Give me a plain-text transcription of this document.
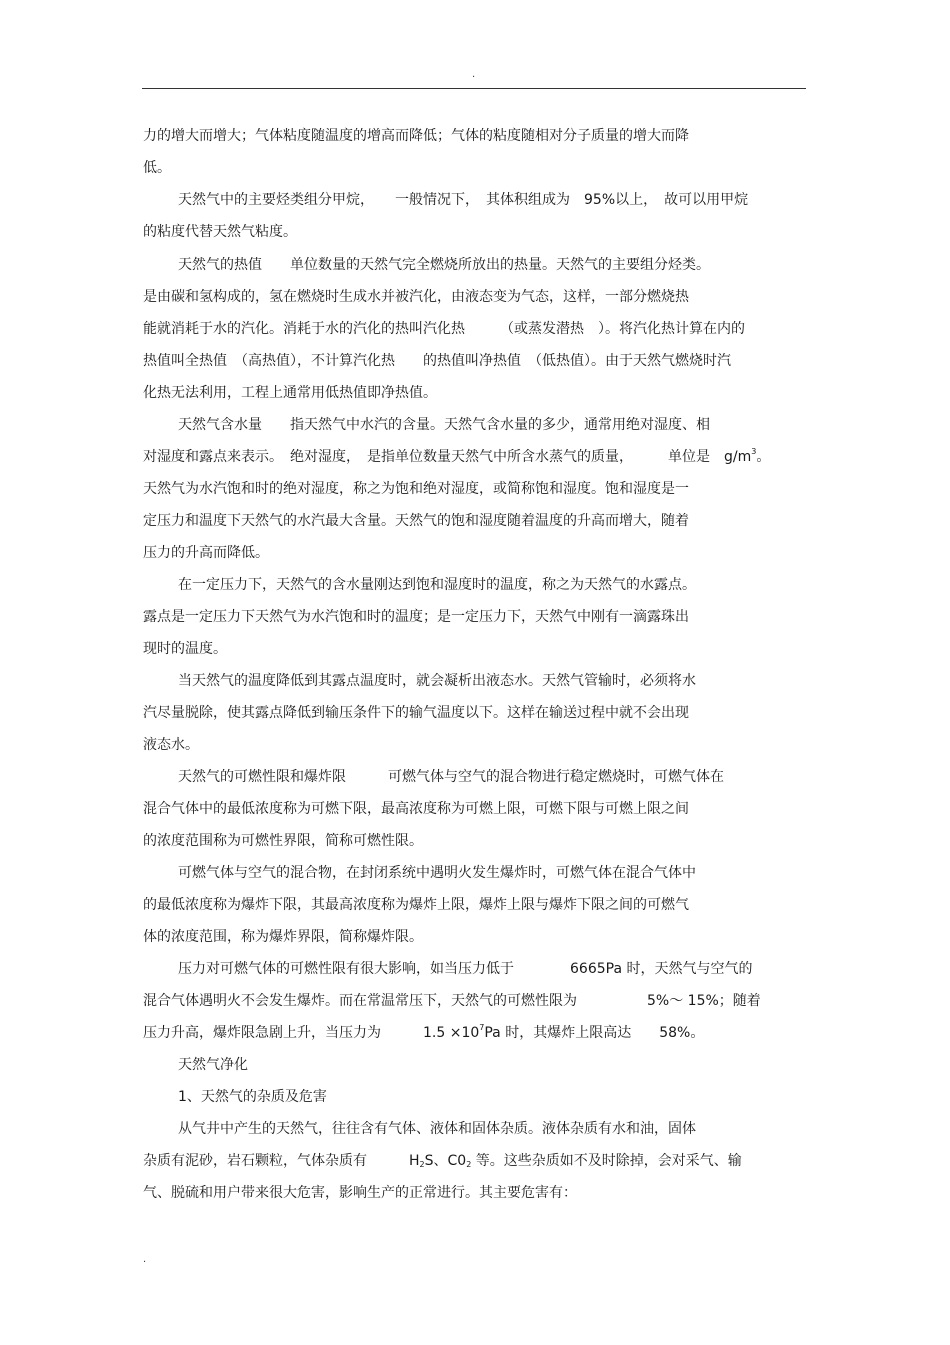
.
力的增大而增大；气体粘度随温度的增高而降低；气体的粘度随相对分子质量的增大而降
低。
天然气中的主要烃类组分甲烷，　　一般情况下，　其体积组成为　95%以上，　故可以用甲烷
的粘度代替天然气粘度。
天然气的热值　　单位数量的天然气完全燃烧所放出的热量。天然气的主要组分烃类。
是由碳和氢构成的，氢在燃烧时生成水并被汽化，由液态变为气态，这样，一部分燃烧热
能就消耗于水的汽化。消耗于水的汽化的热叫汽化热　　　（或蒸发潜热　）。将汽化热计算在内的
热值叫全热值　（高热值），不计算汽化热　　的热值叫净热值　（低热值）。由于天然气燃烧时汽
化热无法利用，工程上通常用低热值即净热值。
天然气含水量　　指天然气中水汽的含量。天然气含水量的多少，通常用绝对湿度、相
对湿度和露点来表示。　绝对湿度，　是指单位数量天然气中所含水蒸气的质量，　　　单位是　$g/m^3$。
天然气为水汽饱和时的绝对湿度，称之为饱和绝对湿度，或简称饱和湿度。饱和湿度是一
定压力和温度下天然气的水汽最大含量。天然气的饱和湿度随着温度的升高而增大，随着
压力的升高而降低。
在一定压力下，天然气的含水量刚达到饱和湿度时的温度，称之为天然气的水露点。
露点是一定压力下天然气为水汽饱和时的温度；是一定压力下，天然气中刚有一滴露珠出
现时的温度。
当天然气的温度降低到其露点温度时，就会凝析出液态水。天然气管输时，必须将水
汽尽量脱除，使其露点降低到输压条件下的输气温度以下。这样在输送过程中就不会出现
液态水。
天然气的可燃性限和爆炸限　　　可燃气体与空气的混合物进行稳定燃烧时，可燃气体在
混合气体中的最低浓度称为可燃下限，最高浓度称为可燃上限，可燃下限与可燃上限之间
的浓度范围称为可燃性界限，简称可燃性限。
可燃气体与空气的混合物，在封闭系统中遇明火发生爆炸时，可燃气体在混合气体中
的最低浓度称为爆炸下限，其最高浓度称为爆炸上限，爆炸上限与爆炸下限之间的可燃气
体的浓度范围，称为爆炸界限，简称爆炸限。
压力对可燃气体的可燃性限有很大影响，如当压力低于　　　　6665Pa 时，天然气与空气的
混合气体遇明火不会发生爆炸。而在常温常压下，天然气的可燃性限为　　　　　5%～ 15%；随着
压力升高，爆炸限急剧上升，当压力为　　　$1.5 \times 10^7Pa$ 时，其爆炸上限高达　　58%。
天然气净化
1、天然气的杂质及危害
从气井中产生的天然气，往往含有气体、液体和固体杂质。液体杂质有水和油，固体
杂质有泥砂，岩石颗粒，气体杂质有　　　$H_2S$、$C0_2$ 等。这些杂质如不及时除掉，会对采气、输
气、脱硫和用户带来很大危害，影响生产的正常进行。其主要危害有：
.
